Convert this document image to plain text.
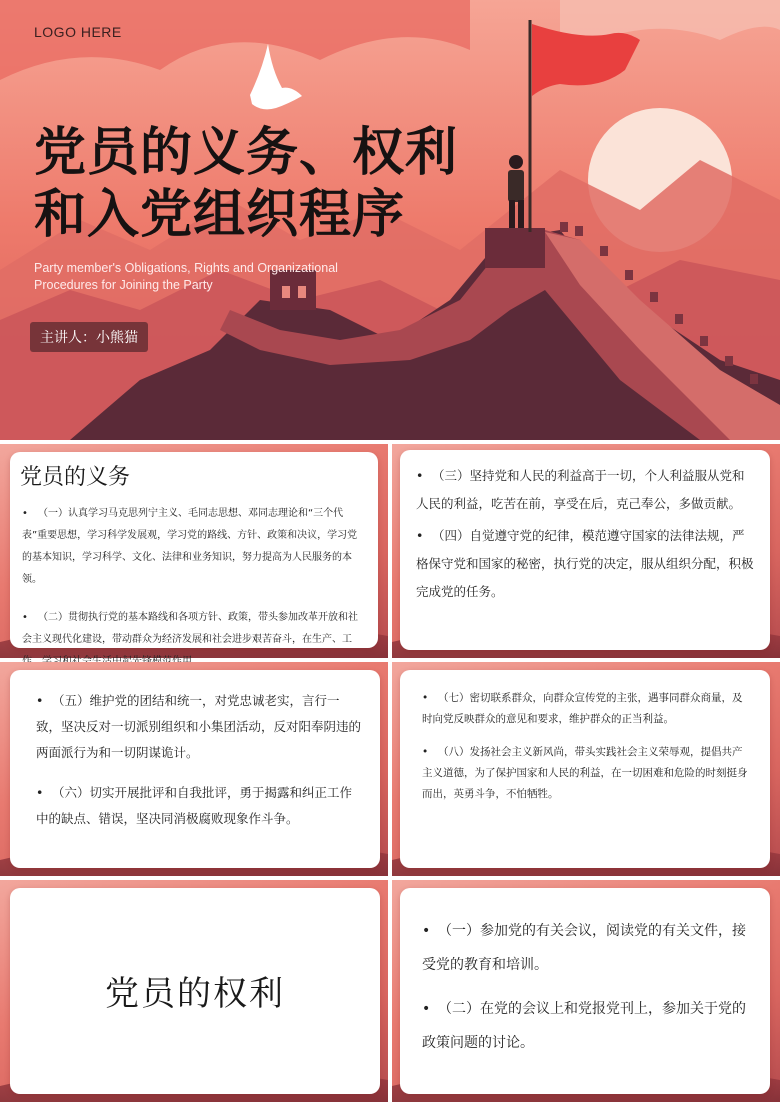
LOGO HERE
党员的义务、权利
和入党组织程序
Party member's Obligations, Rights and Organizational Procedures for Joining the Party
主讲人：小熊猫
党员的义务
• （一）认真学习马克思列宁主义、毛同志思想、邓同志理论和“三个代表”重要思想，学习科学发展观，学习党的路线、方针、政策和决议，学习党的基本知识，学习科学、文化、法律和业务知识，努力提高为人民服务的本领。
• （二）贯彻执行党的基本路线和各项方针、政策，带头参加改革开放和社会主义现代化建设，带动群众为经济发展和社会进步艰苦奋斗，在生产、工
• （三）坚持党和人民的利益高于一切，个人利益服从党和人民的利益，吃苦在前，享受在后，克己奉公，多做贡献。
• （四）自觉遵守党的纪律，模范遵守国家的法律法规，严格保守党和国家的秘密，执行党的决定，服从组织分配，积极完成党的任务。
• （五）维护党的团结和统一，对党忠诚老实，言行一致，坚决反对一切派别组织和小集团活动，反对阳奉阴违的两面派行为和一切阴谋诡计。
• （六）切实开展批评和自我批评，勇于揭露和纠正工作中的缺点、错误，坚决同消极腐败现象作斗争。
• （七）密切联系群众，向群众宣传党的主张，遇事同群众商量，及时向党反映群众的意见和要求，维护群众的正当利益。
• （八）发扬社会主义新风尚，带头实践社会主义荣辱观，提倡共产主义道德，为了保护国家和人民的利益，在一切困难和危险的时刻挺身而出，英勇斗争，不怕牺牲。
党员的权利
• （一）参加党的有关会议，阅读党的有关文件，接受党的教育和培训。
• （二）在党的会议上和党报党刊上，参加关于党的政策问题的讨论。
